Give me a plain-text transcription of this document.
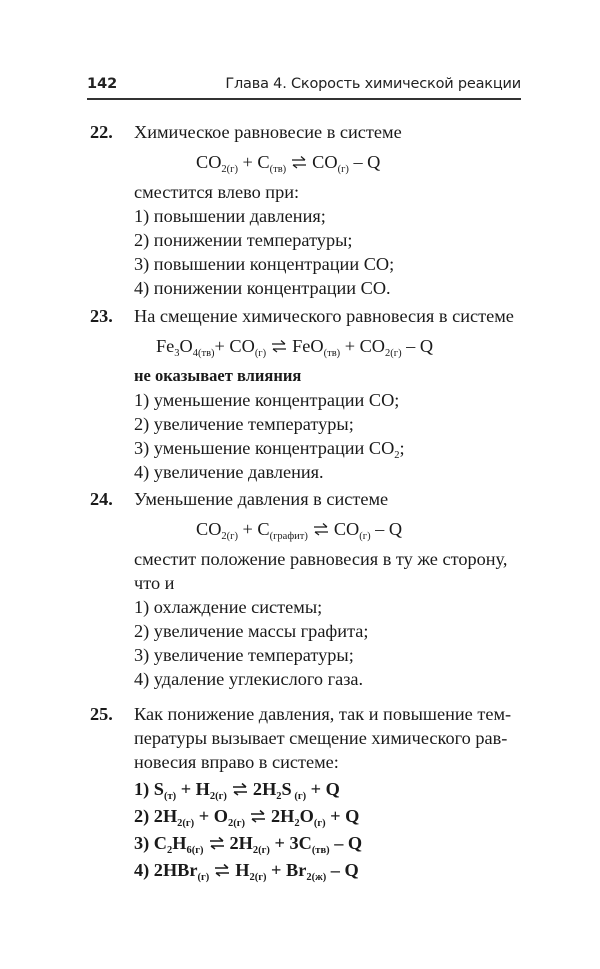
142	Глава 4. Скорость химической реакции
22. Химическое равновесие в системе
$CO_{2(г)} + C_{(тв)}$ ⇌ $CO_{(г)}$ – Q
сместится влево при:
1) повышении давления;
2) понижении температуры;
3) повышении концентрации CO;
4) понижении концентрации CO.
23. На смещение химического равновесия в системе
$Fe_3O_{4(тв)}+ CO_{(г)}$ ⇌ $FeO_{(тв)} + CO_{2(г)} - Q$
не оказывает влияния
1) уменьшение концентрации CO;
2) увеличение температуры;
3) уменьшение концентрации $CO_2$;
4) увеличение давления.
24. Уменьшение давления в системе
$CO_{2(г)} + C_{(графит)}$ ⇌ $CO_{(г)}$ – Q
сместит положение равновесия в ту же сторону,
что и
1) охлаждение системы;
2) увеличение массы графита;
3) увеличение температуры;
4) удаление углекислого газа.
25. Как понижение давления, так и повышение тем-
пературы вызывает смещение химического рав-
новесия вправо в системе:
1) $S_{(т)} + H_{2(г)}$ ⇌ $2H_2S$ $_{(г)}$ + Q
2) $2H_{2(г)} + O_{2(г)}$ ⇌ $2H_2O_{(г)} + Q$
3) $C_2H_{6(г)}$ ⇌ $2H_{2(г)} + 3C_{(тв)} - Q$
4) 2HBr$_{(г)}$ ⇌ $H_{2(г)} + Br_{2(ж)} - Q$
